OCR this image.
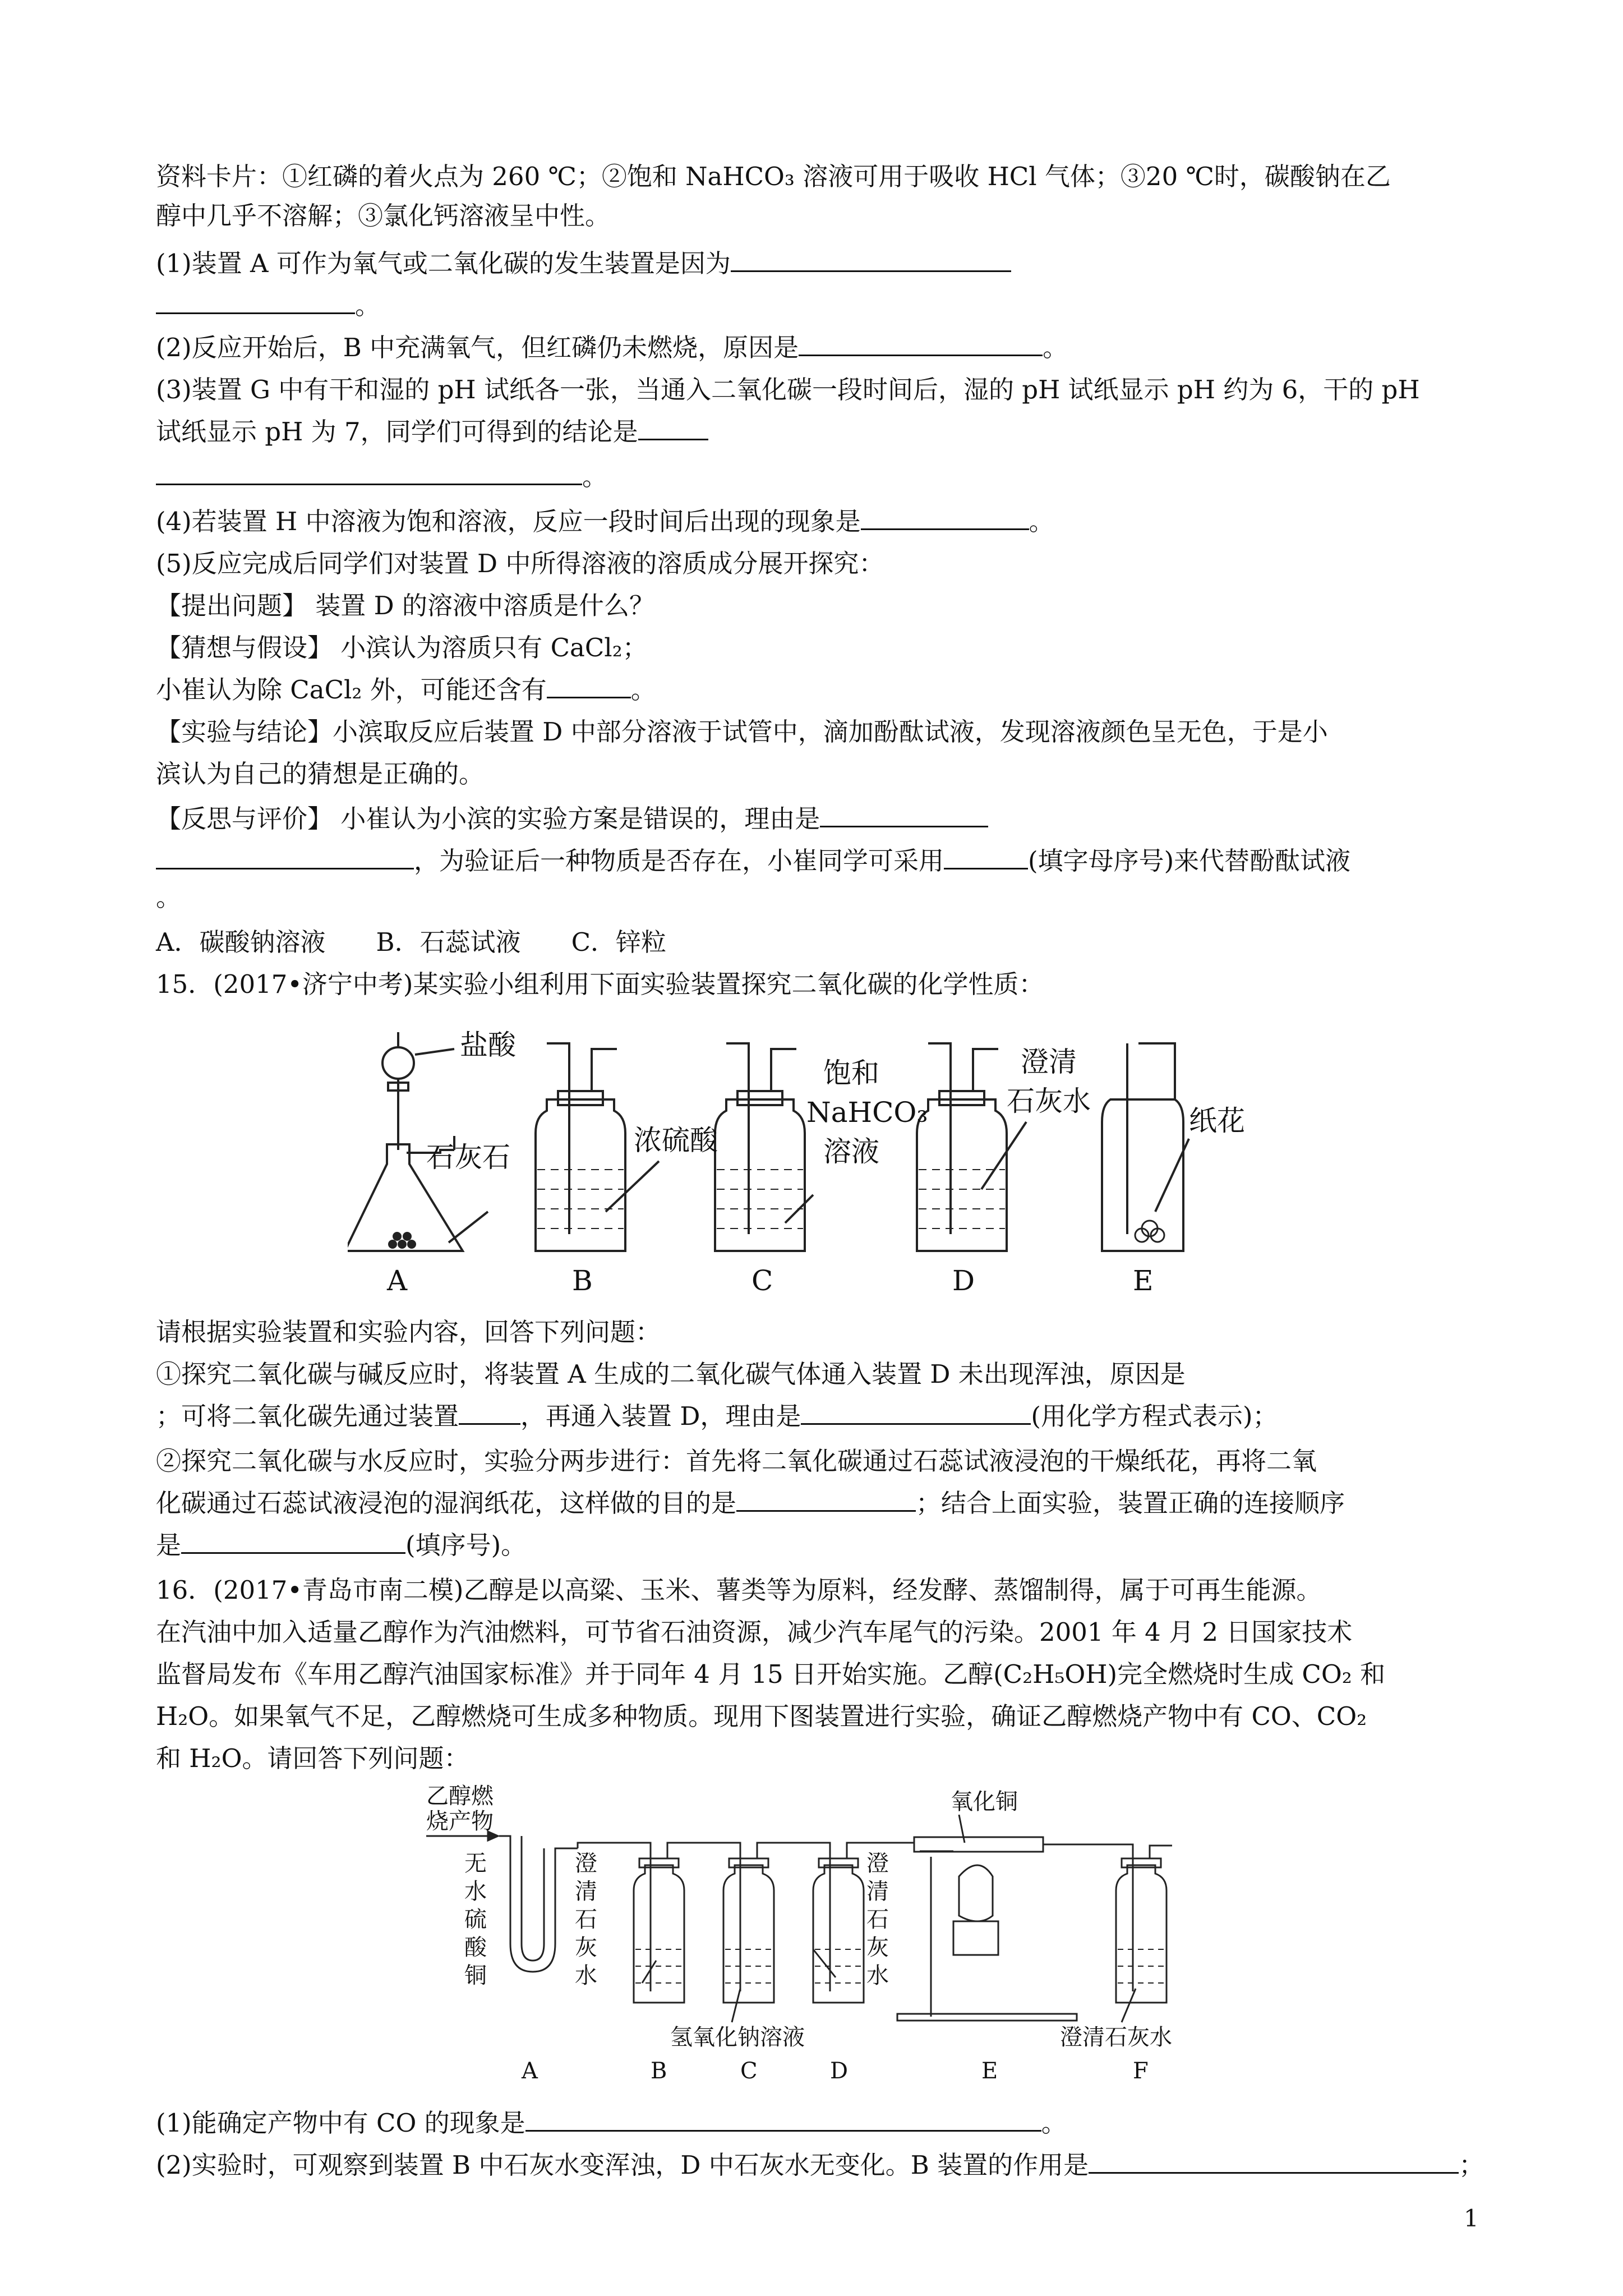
资料卡片：①红磷的着火点为 260 ℃；②饱和 NaHCO₃ 溶液可用于吸收 HCl 气体；③20 ℃时，碳酸钠在乙
醇中几乎不溶解；③氯化钙溶液呈中性。
(1)装置 A 可作为氧气或二氧化碳的发生装置是因为
。
(2)反应开始后，B 中充满氧气，但红磷仍未燃烧，原因是	。
(3)装置 G 中有干和湿的 pH 试纸各一张，当通入二氧化碳一段时间后，湿的 pH 试纸显示 pH 约为 6，干的 pH
试纸显示 pH 为 7，同学们可得到的结论是
。
(4)若装置 H 中溶液为饱和溶液，反应一段时间后出现的现象是	。
(5)反应完成后同学们对装置 D 中所得溶液的溶质成分展开探究：
【提出问题】 装置 D 的溶液中溶质是什么？
【猜想与假设】 小滨认为溶质只有 CaCl₂；
小崔认为除 CaCl₂ 外，可能还含有	。
【实验与结论】小滨取反应后装置 D 中部分溶液于试管中，滴加酚酞试液，发现溶液颜色呈无色，于是小
滨认为自己的猜想是正确的。
【反思与评价】 小崔认为小滨的实验方案是错误的，理由是
，为验证后一种物质是否存在，小崔同学可采用	(填字母序号)来代替酚酞试液
。
A．碳酸钠溶液　　B．石蕊试液　　C．锌粒
15．(2017•济宁中考)某实验小组利用下面实验装置探究二氧化碳的化学性质：
盐酸
石灰石
浓硫酸
饱和
NaHCO₃
溶液
澄清
石灰水
纸花
A	B	C	D	E
请根据实验装置和实验内容，回答下列问题：
①探究二氧化碳与碱反应时，将装置 A 生成的二氧化碳气体通入装置 D 未出现浑浊，原因是
；可将二氧化碳先通过装置 ，再通入装置 D，理由是	(用化学方程式表示)；
②探究二氧化碳与水反应时，实验分两步进行：首先将二氧化碳通过石蕊试液浸泡的干燥纸花，再将二氧
化碳通过石蕊试液浸泡的湿润纸花，这样做的目的是	；结合上面实验，装置正确的连接顺序
是	(填序号)。
16．(2017•青岛市南二模)乙醇是以高粱、玉米、薯类等为原料，经发酵、蒸馏制得，属于可再生能源。
在汽油中加入适量乙醇作为汽油燃料，可节省石油资源，减少汽车尾气的污染。2001 年 4 月 2 日国家技术
监督局发布《车用乙醇汽油国家标准》并于同年 4 月 15 日开始实施。乙醇(C₂H₅OH)完全燃烧时生成 CO₂ 和
H₂O。如果氧气不足，乙醇燃烧可生成多种物质。现用下图装置进行实验，确证乙醇燃烧产物中有 CO、CO₂
和 H₂O。请回答下列问题：
乙醇燃
烧产物
氧化铜
无
水
硫
酸
铜
澄
清
石
灰
水
氢氧化钠溶液
澄
清
石
灰
水
澄清石灰水
A	B	C	D	E	F
(1)能确定产物中有 CO 的现象是	。
(2)实验时，可观察到装置 B 中石灰水变浑浊，D 中石灰水无变化。B 装置的作用是	；
1
